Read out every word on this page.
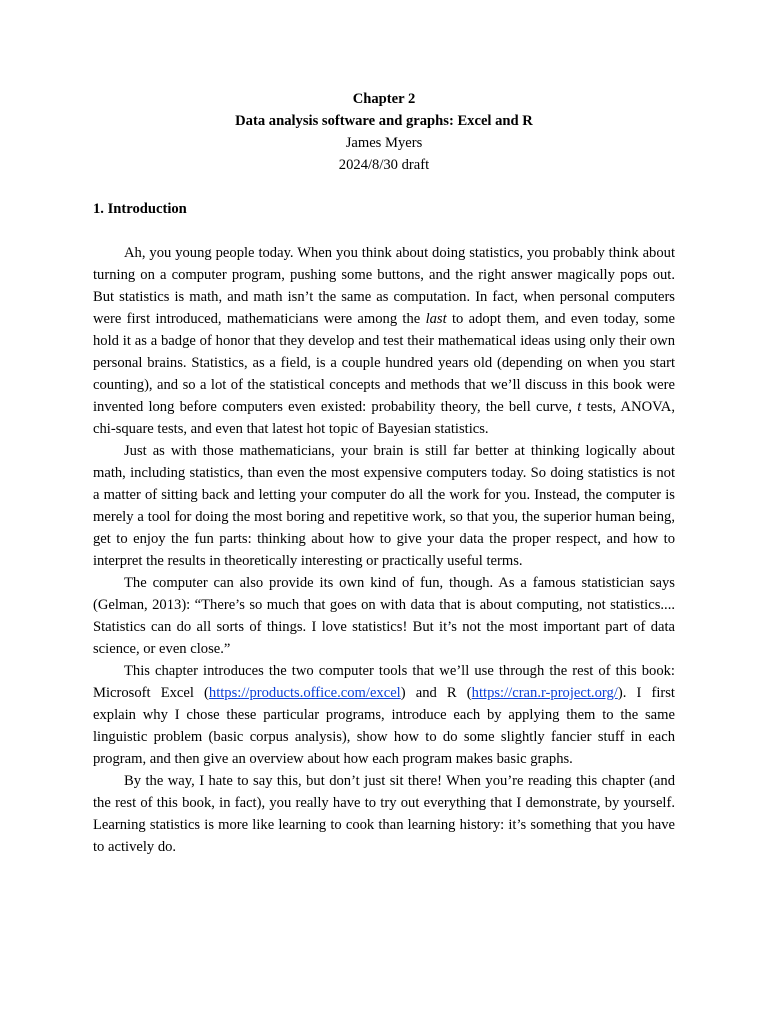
Chapter 2
Data analysis software and graphs: Excel and R
James Myers
2024/8/30 draft
1. Introduction

Ah, you young people today. When you think about doing statistics, you probably think about turning on a computer program, pushing some buttons, and the right answer magically pops out. But statistics is math, and math isn’t the same as computation. In fact, when personal computers were first introduced, mathematicians were among the last to adopt them, and even today, some hold it as a badge of honor that they develop and test their mathematical ideas using only their own personal brains. Statistics, as a field, is a couple hundred years old (depending on when you start counting), and so a lot of the statistical concepts and methods that we’ll discuss in this book were invented long before computers even existed: probability theory, the bell curve, t tests, ANOVA, chi-square tests, and even that latest hot topic of Bayesian statistics.

Just as with those mathematicians, your brain is still far better at thinking logically about math, including statistics, than even the most expensive computers today. So doing statistics is not a matter of sitting back and letting your computer do all the work for you. Instead, the computer is merely a tool for doing the most boring and repetitive work, so that you, the superior human being, get to enjoy the fun parts: thinking about how to give your data the proper respect, and how to interpret the results in theoretically interesting or practically useful terms.

The computer can also provide its own kind of fun, though. As a famous statistician says (Gelman, 2013): “There’s so much that goes on with data that is about computing, not statistics.... Statistics can do all sorts of things. I love statistics! But it’s not the most important part of data science, or even close.”

This chapter introduces the two computer tools that we’ll use through the rest of this book: Microsoft Excel (https://products.office.com/excel) and R (https://cran.r-project.org/). I first explain why I chose these particular programs, introduce each by applying them to the same linguistic problem (basic corpus analysis), show how to do some slightly fancier stuff in each program, and then give an overview about how each program makes basic graphs.

By the way, I hate to say this, but don’t just sit there! When you’re reading this chapter (and the rest of this book, in fact), you really have to try out everything that I demonstrate, by yourself. Learning statistics is more like learning to cook than learning history: it’s something that you have to actively do.
